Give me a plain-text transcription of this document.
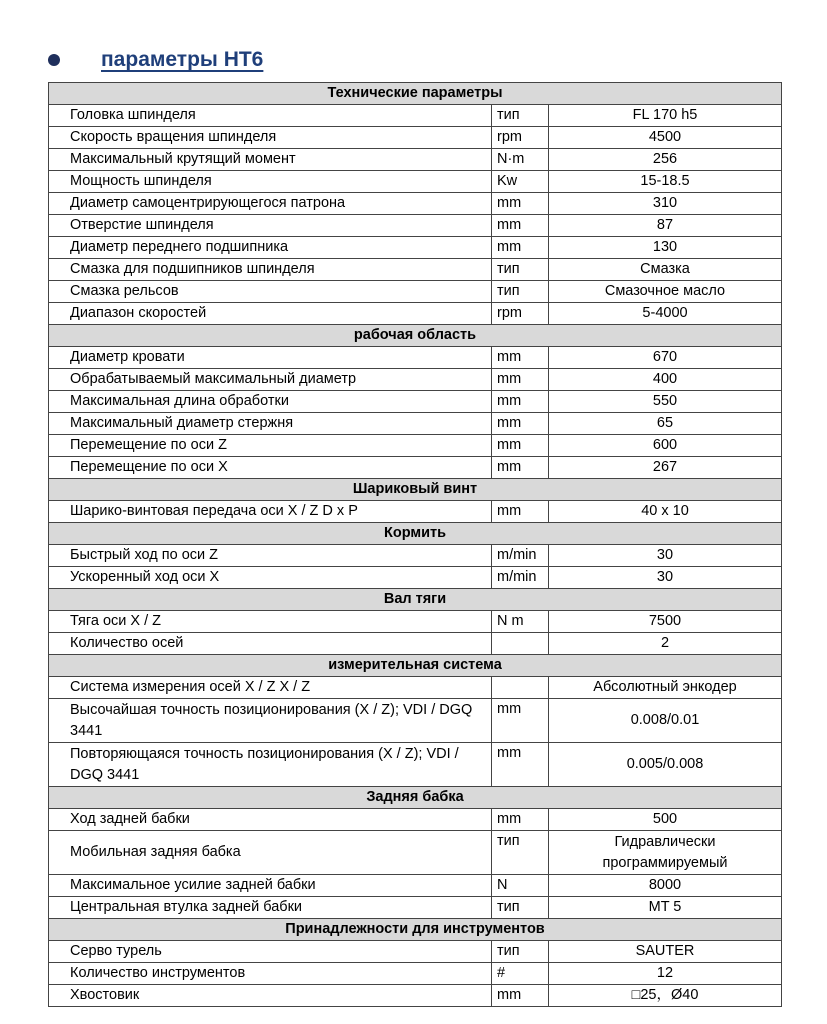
параметры HT6
Технические параметры		
Головка шпинделя	тип	FL 170 h5
Скорость вращения шпинделя	rpm	4500
Максимальный крутящий момент	N·m	256
Мощность шпинделя	Kw	15-18.5
Диаметр самоцентрирующегося патрона	mm	310
Отверстие шпинделя	mm	87
Диаметр переднего подшипника	mm	130
Смазка для подшипников шпинделя	тип	Смазка
Смазка рельсов	тип	Смазочное масло
Диапазон скоростей	rpm	5-4000
рабочая область		
Диаметр кровати	mm	670
Обрабатываемый максимальный диаметр	mm	400
Максимальная длина обработки	mm	550
Максимальный диаметр стержня	mm	65
Перемещение по оси Z	mm	600
Перемещение по оси X	mm	267
Шариковый винт		
Шарико-винтовая передача оси X / Z D x P	mm	40 x 10
Кормить		
Быстрый ход по оси Z	m/min	30
Ускоренный ход оси X	m/min	30
Вал тяги		
Тяга оси X / Z	N m	7500
Количество осей		2
измерительная система		
Система измерения осей X / Z X / Z		Абсолютный энкодер
Высочайшая точность позиционирования (X / Z); VDI / DGQ 3441	mm	0.008/0.01
Повторяющаяся точность позиционирования (X / Z); VDI / DGQ 3441	mm	0.005/0.008
Задняя бабка		
Ход задней бабки	mm	500
Мобильная задняя бабка	тип	Гидравлически программируемый
Максимальное усилие задней бабки	N	8000
Центральная втулка задней бабки	тип	MT 5
Принадлежности для инструментов		
Серво турель	тип	SAUTER
Количество инструментов	#	12
Хвостовик	mm	□25，Ø40
